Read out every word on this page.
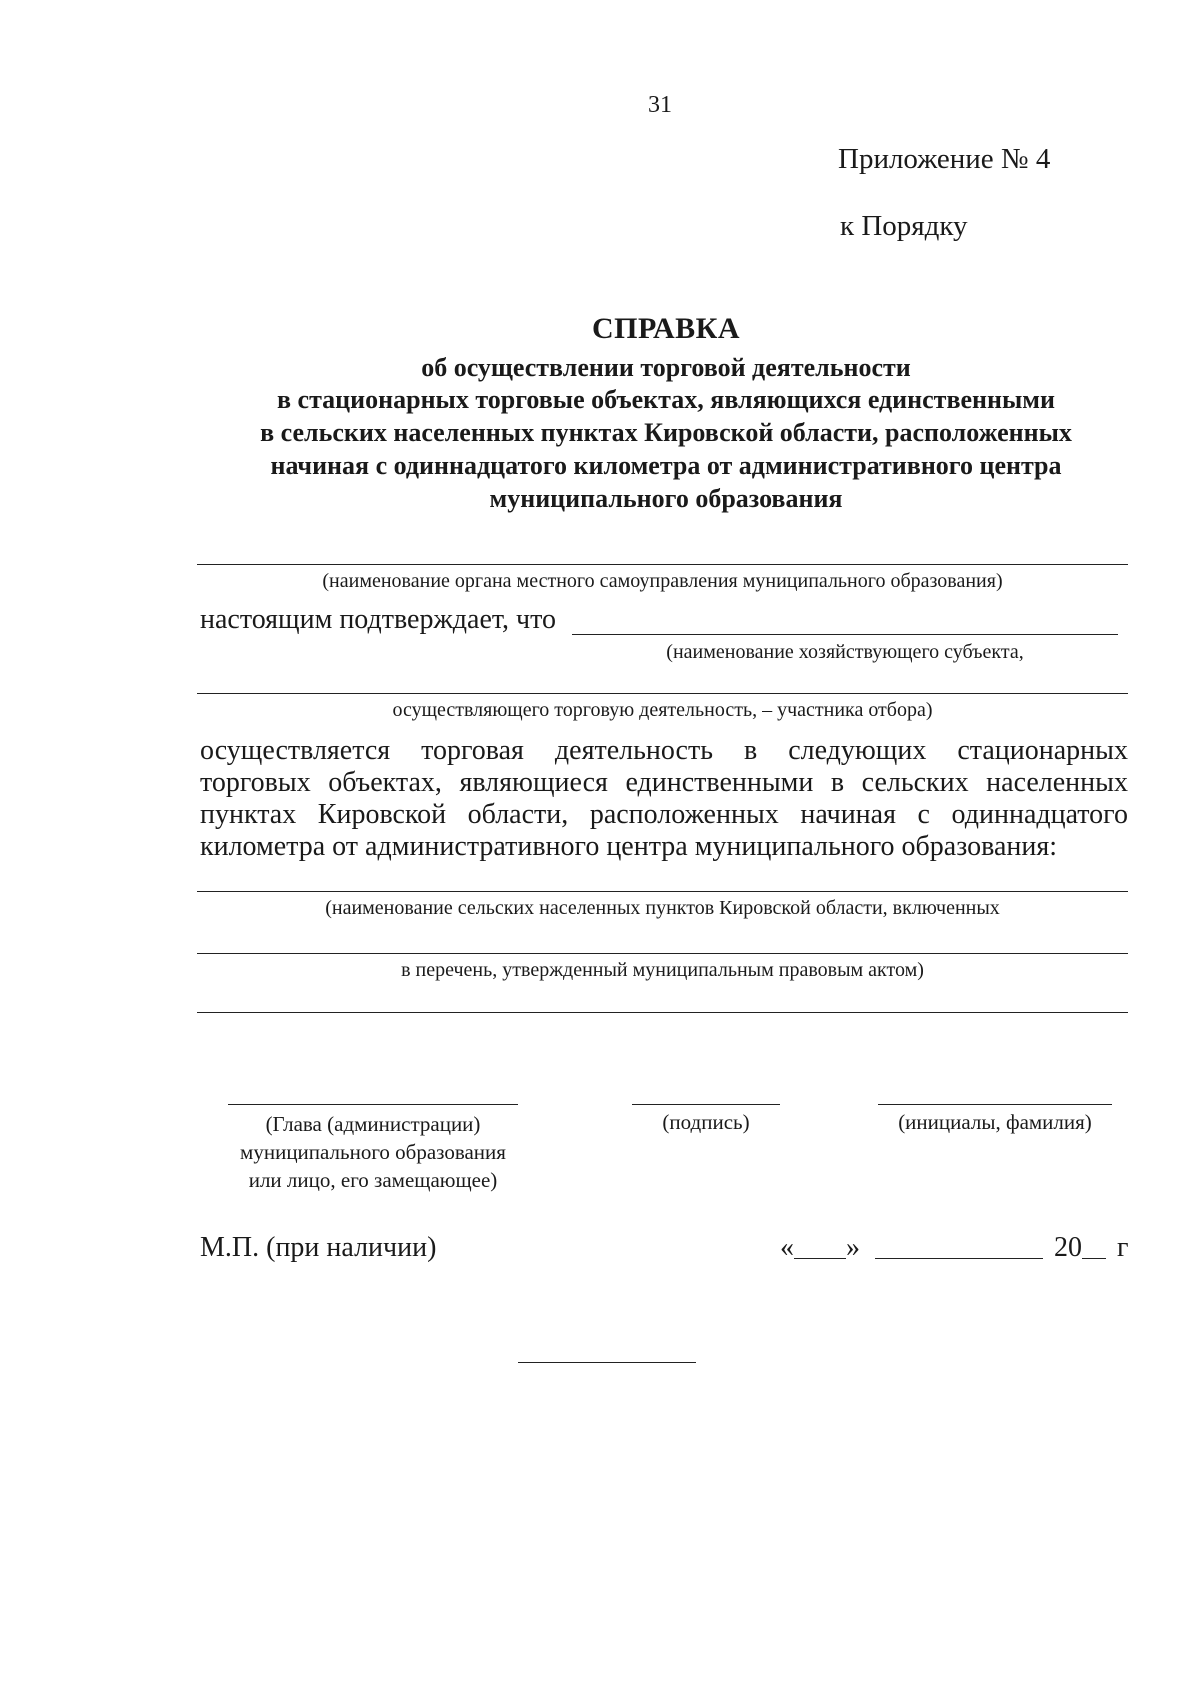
31
Приложение № 4
к Порядку
СПРАВКА
об осуществлении торговой деятельности
в стационарных торговые объектах, являющихся единственными
в сельских населенных пунктах Кировской области, расположенных
начиная с одиннадцатого километра от административного центра
муниципального образования
(наименование органа местного самоуправления муниципального образования)
настоящим подтверждает, что
(наименование хозяйствующего субъекта,
осуществляющего торговую деятельность, – участника отбора)
осуществляется торговая деятельность в следующих стационарных
торговых объектах, являющиеся единственными в сельских населенных
пунктах Кировской области, расположенных начиная с одиннадцатого
километра от административного центра муниципального образования:
(наименование сельских населенных пунктов Кировской области, включенных
в перечень, утвержденный муниципальным правовым актом)
(Глава (администрации)
муниципального образования
или лицо, его замещающее)
(подпись)	(инициалы, фамилия)
М.П. (при наличии)	« »	20 г
